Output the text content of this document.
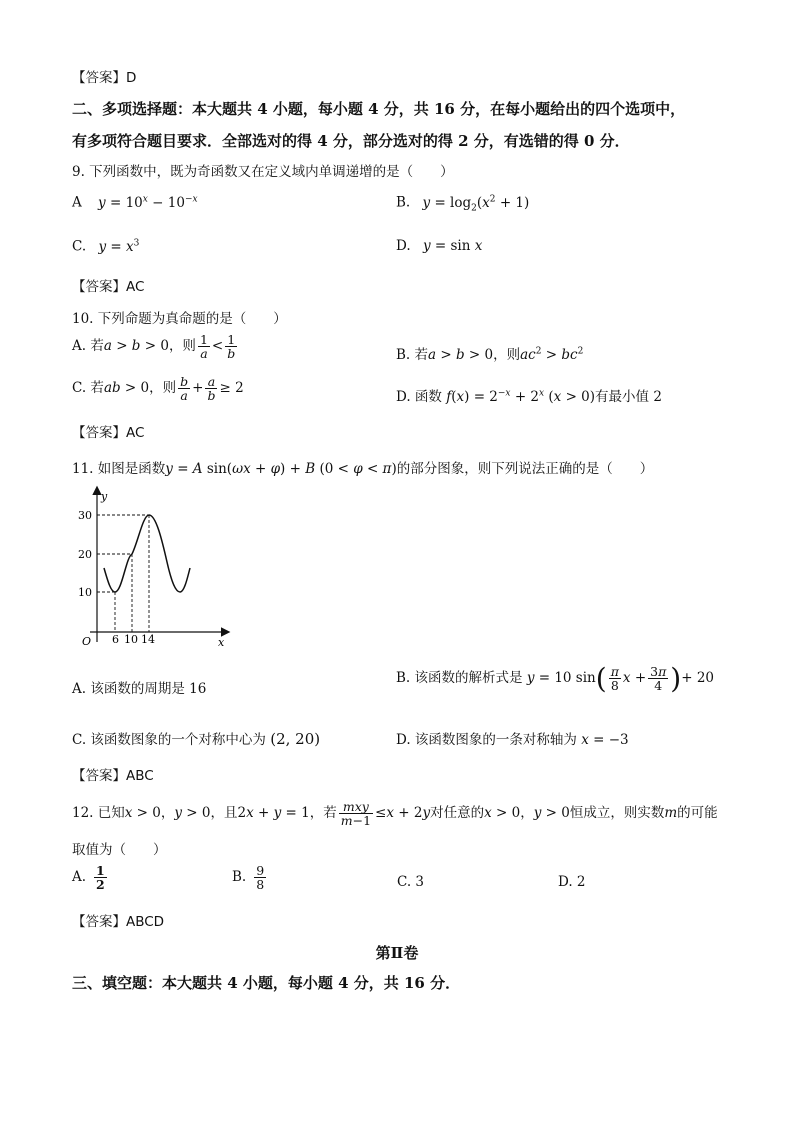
【答案】D
二、多项选择题：本大题共 4 小题，每小题 4 分，共 16 分，在每小题给出的四个选项中，
有多项符合题目要求．全部选对的得 4 分，部分选对的得 2 分，有选错的得 0 分．
9. 下列函数中，既为奇函数又在定义域内单调递增的是（　　）
A $y = 10^x - 10^{-x}$	B. $y = \log_2(x^2 + 1)$
C. $y = x^3$	D. y = sin x
【答案】AC
10. 下列命题为真命题的是（　　）
A. 若a > b > 0，则 $\frac{1}{a} < \frac{1}{b}$	B. 若a > b > 0，则$ac^2 > bc^2$
C. 若ab > 0，则 $\frac{b}{a} + \frac{a}{b} \ge 2$
D. 函数 $f(x) = 2^{-x} + 2^x$ (x > 0)有最小值 2
【答案】AC
11. 如图是函数y = A sin(ωx + φ) + B (0 < φ < π)的部分图象，则下列说法正确的是（　　）
y
x
O
30
20
10
6 10 14
A. 该函数的周期是 16
B. 该函数的解析式是 y = 10 $\sin( \frac{\pi}{8}$ $x + \frac{3\pi}{4}$ )+ 20
C. 该函数图象的一个对称中心为 (2, 20)	D. 该函数图象的一条对称轴为 x = −3
【答案】ABC
12. 已知x > 0，y > 0，且2x + y = 1，若 $\frac{\text{mxy}}{m-1} \le x + 2y$对任意的x > 0，y > 0恒成立，则实数m的可能
取值为（　　）
A. $\frac{1}{2}$	B. $\frac{9}{8}$	C. 3	D. 2
【答案】ABCD
第Ⅱ卷
三、填空题：本大题共 4 小题，每小题 4 分，共 16 分．
